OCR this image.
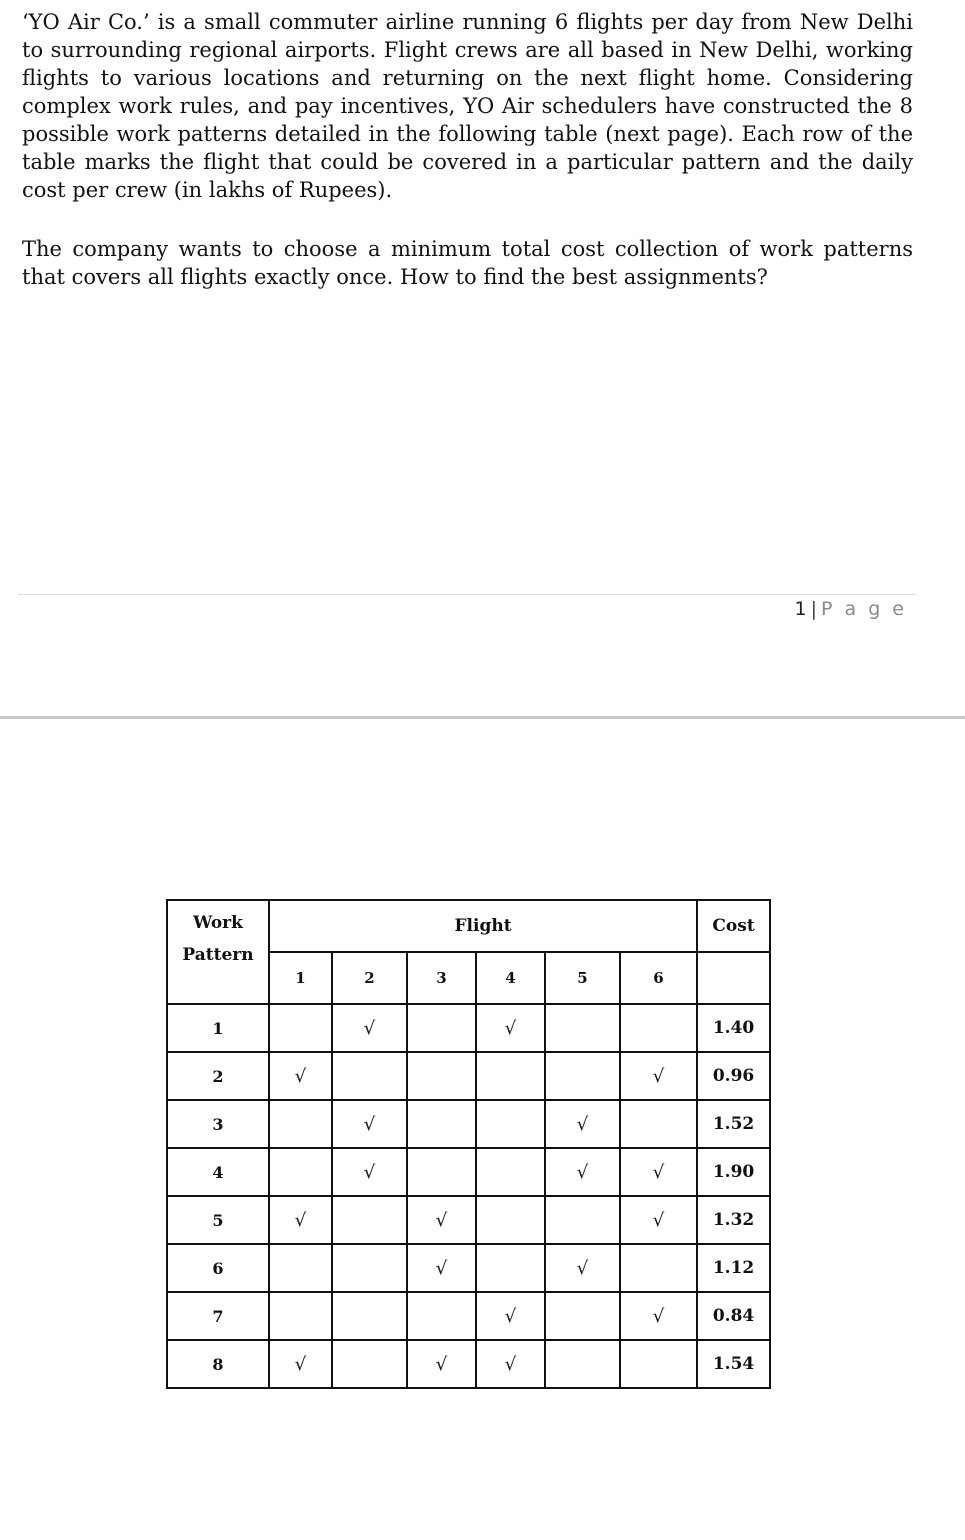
‘YO Air Co.’ is a small commuter airline running 6 flights per day from New Delhi to surrounding regional airports. Flight crews are all based in New Delhi, working flights to various locations and returning on the next flight home. Considering complex work rules, and pay incentives, YO Air schedulers have constructed the 8 possible work patterns detailed in the following table (next page). Each row of the table marks the flight that could be covered in a particular pattern and the daily cost per crew (in lakhs of Rupees).

The company wants to choose a minimum total cost collection of work patterns that covers all flights exactly once. How to find the best assignments?

1 | P a g e
Work
Pattern	Flight						Cost
	1	2	3	4	5	6	
1		√		√			1.40
2	√					√	0.96
3		√			√		1.52
4		√			√	√	1.90
5	√		√			√	1.32
6			√		√		1.12
7				√		√	0.84
8	√		√	√			1.54
